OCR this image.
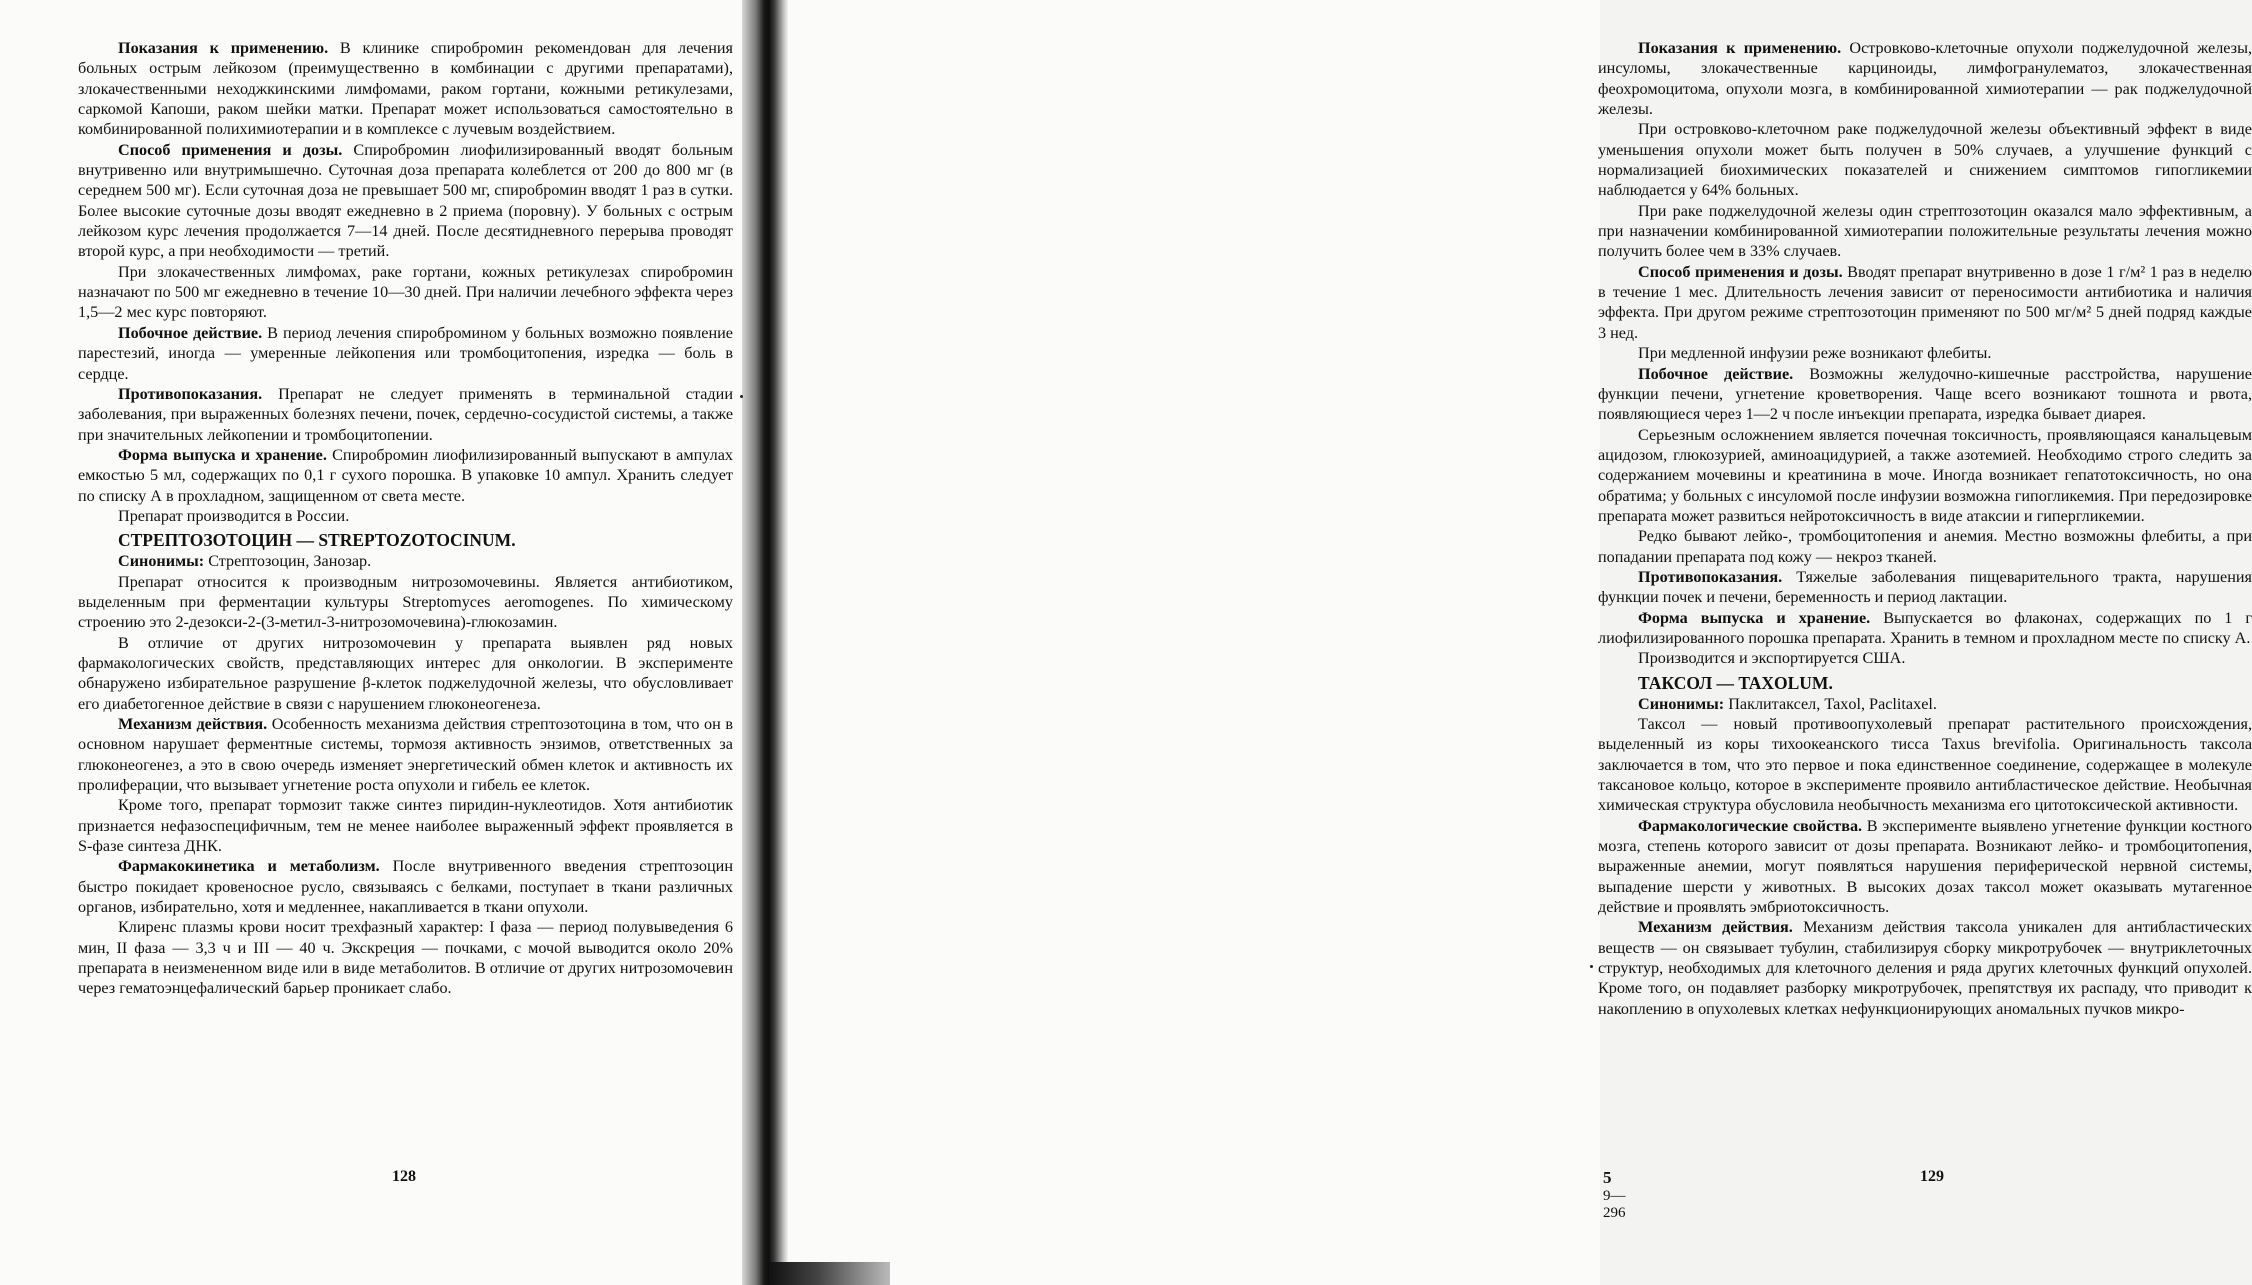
Показания к применению. В клинике спиробромин рекомендован для лечения больных острым лейкозом (преимущественно в комбинации с другими препаратами), злокачественными неходжкинскими лимфомами, раком гортани, кожными ретикулезами, саркомой Капоши, раком шейки матки. Препарат может использоваться самостоятельно в комбинированной полихимиотерапии и в комплексе с лучевым воздействием.

Способ применения и дозы. Спиробромин лиофилизированный вводят больным внутривенно или внутримышечно. Суточная доза препарата колеблется от 200 до 800 мг (в середнем 500 мг). Если суточная доза не превышает 500 мг, спиробромин вводят 1 раз в сутки. Более высокие суточные дозы вводят ежедневно в 2 приема (поровну). У больных с острым лейкозом курс лечения продолжается 7—14 дней. После десятидневного перерыва проводят второй курс, а при необходимости — третий.

При злокачественных лимфомах, раке гортани, кожных ретикулезах спиробромин назначают по 500 мг ежедневно в течение 10—30 дней. При наличии лечебного эффекта через 1,5—2 мес курс повторяют.

Побочное действие. В период лечения спиробромином у больных возможно появление парестезий, иногда — умеренные лейкопения или тромбоцитопения, изредка — боль в сердце.

Противопоказания. Препарат не следует применять в терминальной стадии заболевания, при выраженных болезнях печени, почек, сердечно-сосудистой системы, а также при значительных лейкопении и тромбоцитопении.

Форма выпуска и хранение. Спиробромин лиофилизированный выпускают в ампулах емкостью 5 мл, содержащих по 0,1 г сухого порошка. В упаковке 10 ампул. Хранить следует по списку А в прохладном, защищенном от света месте.

Препарат производится в России.

СТРЕПТОЗОТОЦИН — STREPTOZOTOCINUM.

Синонимы: Стрептозоцин, Занозар.

Препарат относится к производным нитрозомочевины. Является антибиотиком, выделенным при ферментации культуры Streptomyces aeromogenes. По химическому строению это 2-дезокси-2-(3-метил-3-нитрозомочевина)-глюкозамин.

В отличие от других нитрозомочевин у препарата выявлен ряд новых фармакологических свойств, представляющих интерес для онкологии. В эксперименте обнаружено избирательное разрушение β-клеток поджелудочной железы, что обусловливает его диабетогенное действие в связи с нарушением глюконеогенеза.

Механизм действия. Особенность механизма действия стрептозотоцина в том, что он в основном нарушает ферментные системы, тормозя активность энзимов, ответственных за глюконеогенез, а это в свою очередь изменяет энергетический обмен клеток и активность их пролиферации, что вызывает угнетение роста опухоли и гибель ее клеток.

Кроме того, препарат тормозит также синтез пиридин-нуклеотидов. Хотя антибиотик признается нефазоспецифичным, тем не менее наиболее выраженный эффект проявляется в S-фазе синтеза ДНК.

Фармакокинетика и метаболизм. После внутривенного введения стрептозоцин быстро покидает кровеносное русло, связываясь с белками, поступает в ткани различных органов, избирательно, хотя и медленнее, накапливается в ткани опухоли.

Клиренс плазмы крови носит трехфазный характер: I фаза — период полувыведения 6 мин, II фаза — 3,3 ч и III — 40 ч. Экскреция — почками, с мочой выводится около 20% препарата в неизмененном виде или в виде метаболитов. В отличие от других нитрозомочевин через гематоэнцефалический барьер проникает слабо.

128

Показания к применению. Островково-клеточные опухоли поджелудочной железы, инсуломы, злокачественные карциноиды, лимфогранулематоз, злокачественная феохромоцитома, опухоли мозга, в комбинированной химиотерапии — рак поджелудочной железы.

При островково-клеточном раке поджелудочной железы объективный эффект в виде уменьшения опухоли может быть получен в 50% случаев, а улучшение функций с нормализацией биохимических показателей и снижением симптомов гипогликемии наблюдается у 64% больных.

При раке поджелудочной железы один стрептозотоцин оказался мало эффективным, а при назначении комбинированной химиотерапии положительные результаты лечения можно получить более чем в 33% случаев.

Способ применения и дозы. Вводят препарат внутривенно в дозе 1 г/м² 1 раз в неделю в течение 1 мес. Длительность лечения зависит от переносимости антибиотика и наличия эффекта. При другом режиме стрептозотоцин применяют по 500 мг/м² 5 дней подряд каждые 3 нед.

При медленной инфузии реже возникают флебиты.

Побочное действие. Возможны желудочно-кишечные расстройства, нарушение функции печени, угнетение кроветворения. Чаще всего возникают тошнота и рвота, появляющиеся через 1—2 ч после инъекции препарата, изредка бывает диарея.

Серьезным осложнением является почечная токсичность, проявляющаяся канальцевым ацидозом, глюкозурией, аминоацидурией, а также азотемией. Необходимо строго следить за содержанием мочевины и креатинина в моче. Иногда возникает гепатотоксичность, но она обратима; у больных с инсуломой после инфузии возможна гипогликемия. При передозировке препарата может развиться нейротоксичность в виде атаксии и гипергликемии.

Редко бывают лейко-, тромбоцитопения и анемия. Местно возможны флебиты, а при попадании препарата под кожу — некроз тканей.

Противопоказания. Тяжелые заболевания пищеварительного тракта, нарушения функции почек и печени, беременность и период лактации.

Форма выпуска и хранение. Выпускается во флаконах, содержащих по 1 г лиофилизированного порошка препарата. Хранить в темном и прохладном месте по списку А.

Производится и экспортируется США.

ТАКСОЛ — TAXOLUM.

Синонимы: Паклитаксел, Taxol, Paclitaxel.

Таксол — новый противоопухолевый препарат растительного происхождения, выделенный из коры тихоокеанского тисса Taxus brevifolia. Оригинальность таксола заключается в том, что это первое и пока единственное соединение, содержащее в молекуле таксановое кольцо, которое в эксперименте проявило антибластическое действие. Необычная химическая структура обусловила необычность механизма его цитотоксической активности.

Фармакологические свойства. В эксперименте выявлено угнетение функции костного мозга, степень которого зависит от дозы препарата. Возникают лейко- и тромбоцитопения, выраженные анемии, могут появляться нарушения периферической нервной системы, выпадение шерсти у животных. В высоких дозах таксол может оказывать мутагенное действие и проявлять эмбриотоксичность.

Механизм действия. Механизм действия таксола уникален для антибластических веществ — он связывает тубулин, стабилизируя сборку микротрубочек — внутриклеточных структур, необходимых для клеточного деления и ряда других клеточных функций опухолей. Кроме того, он подавляет разборку микротрубочек, препятствуя их распаду, что приводит к накоплению в опухолевых клетках нефункционирующих аномальных пучков микро-

5 9—296
129
